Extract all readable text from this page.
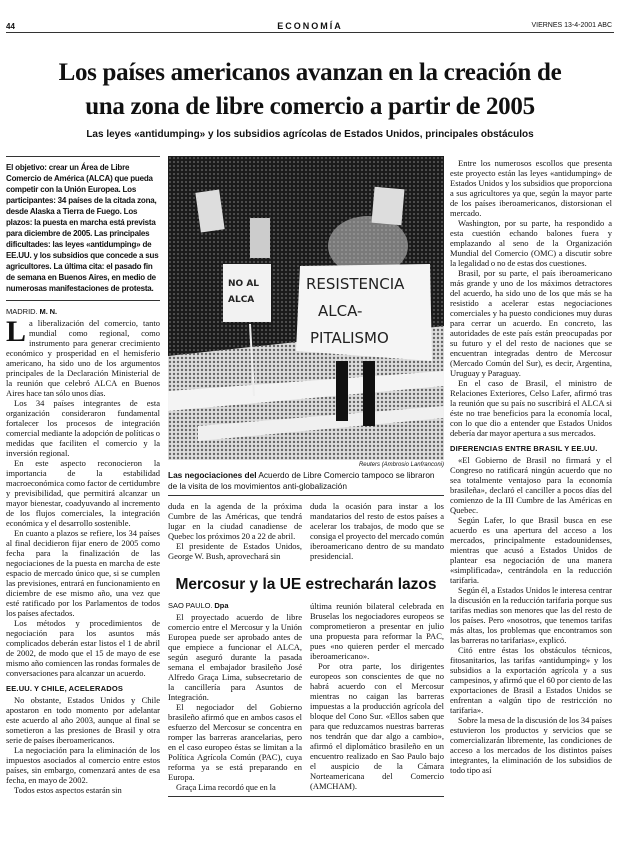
44	ECONOMÍA	VIERNES 13-4-2001 ABC
Los países americanos avanzan en la creación de
una zona de libre comercio a partir de 2005
Las leyes «antidumping» y los subsidios agrícolas de Estados Unidos, principales obstáculos
El objetivo: crear un Área de Libre Comercio de América (ALCA) que pueda competir con la Unión Europea. Los participantes: 34 países de la citada zona, desde Alaska a Tierra de Fuego. Los plazos: la puesta en marcha está prevista para diciembre de 2005. Las principales dificultades: las leyes «antidumping» de EE.UU. y los subsidios que concede a sus agricultores. La última cita: el pasado fin de semana en Buenos Aires, en medio de numerosas manifestaciones de protesta.
MADRID. M. N.

La liberalización del comercio, tanto mundial como regional, como instrumento para generar crecimiento económico y prosperidad en el hemisferio americano, ha sido uno de los argumentos principales de la Declaración Ministerial de la reunión que celebró ALCA en Buenos Aires hace tan sólo unos días.

Los 34 países integrantes de esta organización consideraron fundamental fortalecer los procesos de integración comercial mediante la adopción de políticas o medidas que faciliten el comercio y la inversión regional.

En este aspecto reconocieron la importancia de la estabilidad macroeconómica como factor de certidumbre y previsibilidad, que permitirá alcanzar un mayor bienestar, coadyuvando al incremento de los flujos comerciales, la integración económica y el desarrollo sostenible.

En cuanto a plazos se refiere, los 34 países al final decidieron fijar enero de 2005 como fecha para la finalización de las negociaciones de la puesta en marcha de este espacio de mercado único que, si se cumplen las previsiones, entrará en funcionamiento en diciembre de ese mismo año, una vez que esté ratificado por los Parlamentos de todos los países afectados.

Los métodos y procedimientos de negociación para los asuntos más complicados deberán estar listos el 1 de abril de 2002, de modo que el 15 de mayo de ese mismo año comiencen las rondas formales de conversaciones para alcanzar un acuerdo.

EE.UU. Y CHILE, ACELERADOS

No obstante, Estados Unidos y Chile apostaron en todo momento por adelantar este acuerdo al año 2003, aunque al final se sometieron a las presiones de Brasil y otra serie de países iberoamericanos.

La negociación para la eliminación de los impuestos asociados al comercio entre estos países, sin embargo, comenzará antes de esa fecha, en mayo de 2002.

Todos estos aspectos estarán sin

NO AL
ALCA
RESISTENCIA
ALCA-
PITALISMO
Reuters (Ambrosio Lanfranconi)
Las negociaciones del Acuerdo de Libre Comercio tampoco se libraron de la visita de los movimientos anti-globalización

duda en la agenda de la próxima Cumbre de las Américas, que tendrá lugar en la ciudad canadiense de Quebec los próximos 20 a 22 de abril.

El presidente de Estados Unidos, George W. Bush, aprovechará sin

duda la ocasión para instar a los mandatarios del resto de estos países a acelerar los trabajos, de modo que se consiga el proyecto del mercado común iberoamericano dentro de su mandato presidencial.

Mercosur y la UE estrecharán lazos
SAO PAULO. Dpa

El proyectado acuerdo de libre comercio entre el Mercosur y la Unión Europea puede ser aprobado antes de que empiece a funcionar el ALCA, según aseguró durante la pasada semana el embajador brasileño José Alfredo Graça Lima, subsecretario de la cancillería para Asuntos de Integración.

El negociador del Gobierno brasileño afirmó que en ambos casos el esfuerzo del Mercosur se concentra en romper las barreras arancelarias, pero en el caso europeo éstas se limitan a la Política Agrícola Común (PAC), cuya reforma ya se está preparando en Europa.

Graça Lima recordó que en la

última reunión bilateral celebrada en Bruselas los negociadores europeos se comprometieron a presentar en julio una propuesta para reformar la PAC, pues «no quieren perder el mercado iberoamericano».

Por otra parte, los dirigentes europeos son conscientes de que no habrá acuerdo con el Mercosur mientras no caigan las barreras impuestas a la producción agrícola del bloque del Cono Sur. «Ellos saben que para que reduzcamos nuestras barreras nos tendrán que dar algo a cambio», afirmó el diplomático brasileño en un encuentro realizado en Sao Paulo bajo el auspicio de la Cámara Norteamericana del Comercio (AMCHAM).

Entre los numerosos escollos que presenta este proyecto están las leyes «antidumping» de Estados Unidos y los subsidios que proporciona a sus agricultores ya que, según la mayor parte de los países iberoamericanos, distorsionan el mercado.

Washington, por su parte, ha respondido a esta cuestión echando balones fuera y emplazando al seno de la Organización Mundial del Comercio (OMC) a discutir sobre la legalidad o no de estas dos cuestiones.

Brasil, por su parte, el país iberoamericano más grande y uno de los máximos detractores del acuerdo, ha sido uno de los que más se ha resistido a acelerar estas negociaciones comerciales y ha puesto condiciones muy duras para cerrar un acuerdo. En concreto, las autoridades de este país están preocupadas por su futuro y el del resto de naciones que se encuentran integradas dentro de Mercosur (Mercado Común del Sur), es decir, Argentina, Uruguay y Paraguay.

En el caso de Brasil, el ministro de Relaciones Exteriores, Celso Lafer, afirmó tras la reunión que su país no suscribirá el ALCA si éste no trae beneficios para la economía local, con lo que dio a entender que Estados Unidos debería dar mayor apertura a sus mercados.

DIFERENCIAS ENTRE BRASIL Y EE.UU.

«El Gobierno de Brasil no firmará y el Congreso no ratificará ningún acuerdo que no sea totalmente ventajoso para la economía brasileña», declaró el canciller a pocos días del comienzo de la III Cumbre de las Américas en Quebec.

Según Lafer, lo que Brasil busca en ese acuerdo es una apertura del acceso a los mercados, principalmente estadounidenses, mientras que acusó a Estados Unidos de plantear esa negociación de una manera «simplificada», centrándola en la reducción tarifaria.

Según él, a Estados Unidos le interesa centrar la discusión en la reducción tarifaria porque sus tarifas medias son menores que las del resto de los países. Pero «nosotros, que tenemos tarifas más altas, los problemas que encontramos son las barreras no tarifarias», explicó.

Citó entre éstas los obstáculos técnicos, fitosanitarios, las tarifas «antidumping» y los subsidios a la exportación agrícola y a sus campesinos, y afirmó que el 60 por ciento de las exportaciones de Brasil a Estados Unidos se enfrentan a «algún tipo de restricción no tarifaria».

Sobre la mesa de la discusión de los 34 países estuvieron los productos y servicios que se comercializarán libremente, las condiciones de acceso a los mercados de los distintos países integrantes, la eliminación de los subsidios de todo tipo así
